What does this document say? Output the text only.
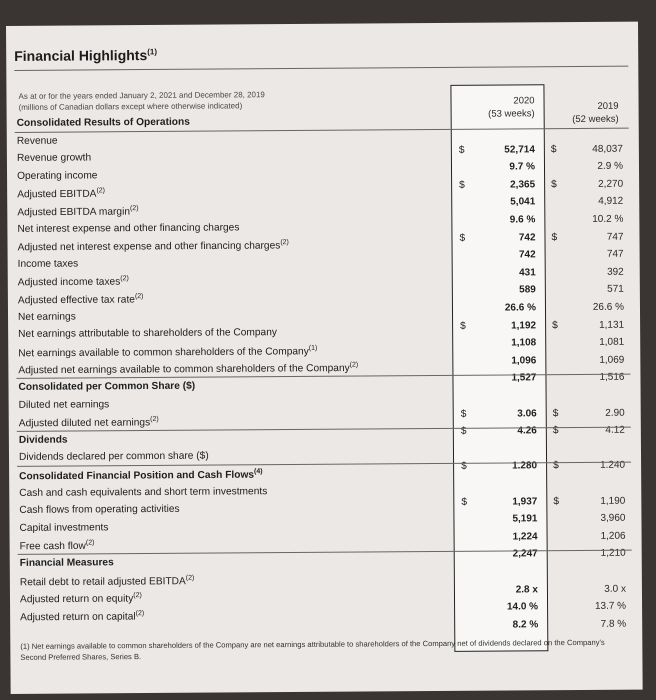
Financial Highlights$^{(1)}$
As at or for the years ended January 2, 2021 and December 28, 2019
(millions of Canadian dollars except where otherwise indicated)
2020
(53 weeks)
2019
(52 weeks)
Consolidated Results of Operations
Revenue
$	52,714 $	48,037
Revenue growth
9.7 %	2.9 %
Operating income
$	2,365 $	2,270
Adjusted EBITDA$^{(2)}$
5,041	4,912
Adjusted EBITDA margin$^{(2)}$
9.6 %	10.2 %
Net interest expense and other financing charges
$	742 $	747
Adjusted net interest expense and other financing charges$^{(2)}$
742	747
Income taxes
431	392
Adjusted income taxes$^{(2)}$
589	571
Adjusted effective tax rate$^{(2)}$
26.6 %	26.6 %
Net earnings
$	1,192 $	1,131
Net earnings attributable to shareholders of the Company
1,108	1,081
Net earnings available to common shareholders of the Company$^{(1)}$
1,096	1,069
Adjusted net earnings available to common shareholders of the Company$^{(2)}$
1,527	1,516
Consolidated per Common Share ($)
Diluted net earnings
$	3.06 $	2.90
Adjusted diluted net earnings$^{(2)}$
$	4.26 $	4.12
Dividends
Dividends declared per common share ($)
$	1.280 $	1.240
Consolidated Financial Position and Cash Flows$^{(4)}$
Cash and cash equivalents and short term investments
$	1,937 $	1,190
Cash flows from operating activities
5,191	3,960
Capital investments
1,224	1,206
Free cash flow$^{(2)}$
2,247	1,210
Financial Measures
Retail debt to retail adjusted EBITDA$^{(2)}$
2.8 x	3.0 x
Adjusted return on equity$^{(2)}$
14.0 %	13.7 %
Adjusted return on capital$^{(2)}$
8.2 %	7.8 %
(1) Net earnings available to common shareholders of the Company are net earnings attributable to shareholders of the Company net of dividends declared on the Company's Second Preferred Shares, Series B.
